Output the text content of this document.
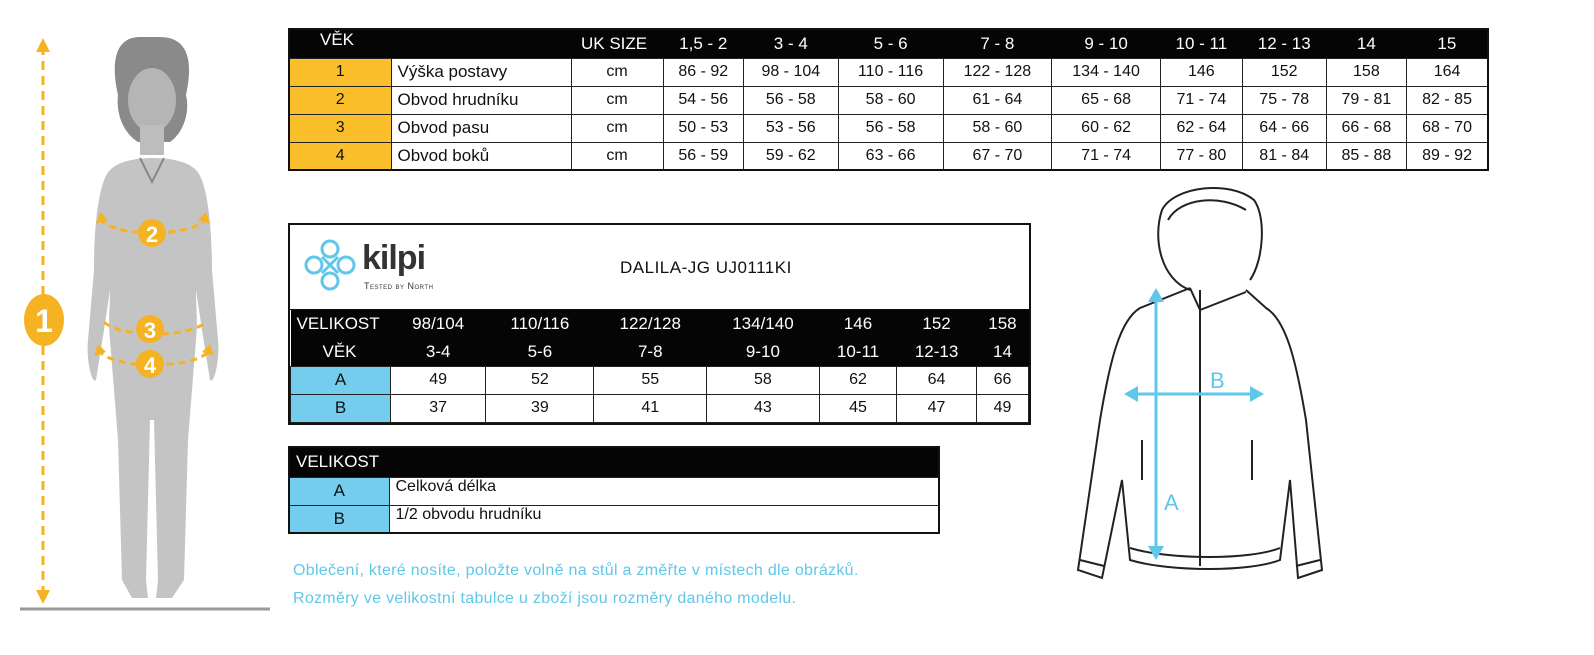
1
2
3
4
VĚK		UK SIZE	1,5 - 2	3 - 4	5 - 6	7 - 8	9 - 10	10 - 11	12 - 13	14	15
1	Výška postavy	cm	86 - 92	98 - 104	110 - 116	122 - 128	134 - 140	146	152	158	164
2	Obvod hrudníku	cm	54 - 56	56 - 58	58 - 60	61 - 64	65 - 68	71 - 74	75 - 78	79 - 81	82 - 85
3	Obvod pasu	cm	50 - 53	53 - 56	56 - 58	58 - 60	60 - 62	62 - 64	64 - 66	66 - 68	68 - 70
4	Obvod boků	cm	56 - 59	59 - 62	63 - 66	67 - 70	71 - 74	77 - 80	81 - 84	85 - 88	89 - 92
kilpi
Tested by North
DALILA-JG UJ0111KI
VELIKOST	98/104	110/116	122/128	134/140	146	152	158
VĚK	3-4	5-6	7-8	9-10	10-11	12-13	14
A	49	52	55	58	62	64	66
B	37	39	41	43	45	47	49
VELIKOST	
A	Celková délka
B	1/2 obvodu hrudníku
Oblečení, které nosíte, položte volně na stůl a změřte v místech dle obrázků.
Rozměry ve velikostní tabulce u zboží jsou rozměry daného modelu.
A
B
